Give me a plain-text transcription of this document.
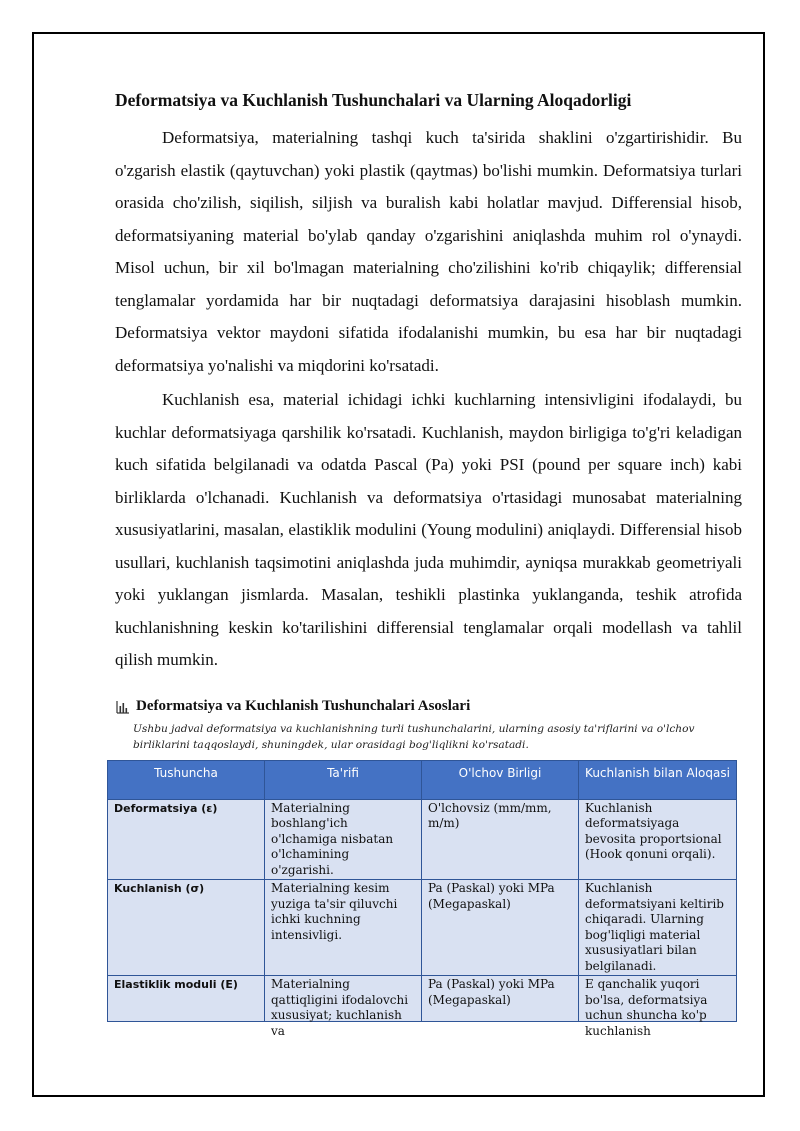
Deformatsiya va Kuchlanish Tushunchalari va Ularning Aloqadorligi

Deformatsiya, materialning tashqi kuch ta'sirida shaklini o'zgartirishidir. Bu o'zgarish elastik (qaytuvchan) yoki plastik (qaytmas) bo'lishi mumkin. Deformatsiya turlari orasida cho'zilish, siqilish, siljish va buralish kabi holatlar mavjud. Differensial hisob, deformatsiyaning material bo'ylab qanday o'zgarishini aniqlashda muhim rol o'ynaydi. Misol uchun, bir xil bo'lmagan materialning cho'zilishini ko'rib chiqaylik; differensial tenglamalar yordamida har bir nuqtadagi deformatsiya darajasini hisoblash mumkin. Deformatsiya vektor maydoni sifatida ifodalanishi mumkin, bu esa har bir nuqtadagi deformatsiya yo'nalishi va miqdorini ko'rsatadi.

Kuchlanish esa, material ichidagi ichki kuchlarning intensivligini ifodalaydi, bu kuchlar deformatsiyaga qarshilik ko'rsatadi. Kuchlanish, maydon birligiga to'g'ri keladigan kuch sifatida belgilanadi va odatda Pascal (Pa) yoki PSI (pound per square inch) kabi birliklarda o'lchanadi. Kuchlanish va deformatsiya o'rtasidagi munosabat materialning xususiyatlarini, masalan, elastiklik modulini (Young modulini) aniqlaydi. Differensial hisob usullari, kuchlanish taqsimotini aniqlashda juda muhimdir, ayniqsa murakkab geometriyali yoki yuklangan jismlarda. Masalan, teshikli plastinka yuklanganda, teshik atrofida kuchlanishning keskin ko'tarilishini differensial tenglamalar orqali modellash va tahlil qilish mumkin.

Deformatsiya va Kuchlanish Tushunchalari Asoslari
Ushbu jadval deformatsiya va kuchlanishning turli tushunchalarini, ularning asosiy ta'riflarini va o'lchov birliklarini taqqoslaydi, shuningdek, ular orasidagi bog'liqlikni ko'rsatadi.
Tushuncha	Ta'rifi	O'lchov Birligi	Kuchlanish bilan Aloqasi
Deformatsiya (ε)	Materialning boshlang'ich o'lchamiga nisbatan o'lchamining o'zgarishi.	O'lchovsiz (mm/mm, m/m)	Kuchlanish deformatsiyaga bevosita proportsional (Hook qonuni orqali).
Kuchlanish (σ)	Materialning kesim yuziga ta'sir qiluvchi ichki kuchning intensivligi.	Pa (Paskal) yoki MPa (Megapaskal)	Kuchlanish deformatsiyani keltirib chiqaradi. Ularning bog'liqligi material xususiyatlari bilan belgilanadi.

Elastiklik moduli (E)	Materialning qattiqligini ifodalovchi xususiyat; kuchlanish va	Pa (Paskal) yoki MPa (Megapaskal)	E qanchalik yuqori bo'lsa, deformatsiya uchun shuncha ko'p kuchlanish
